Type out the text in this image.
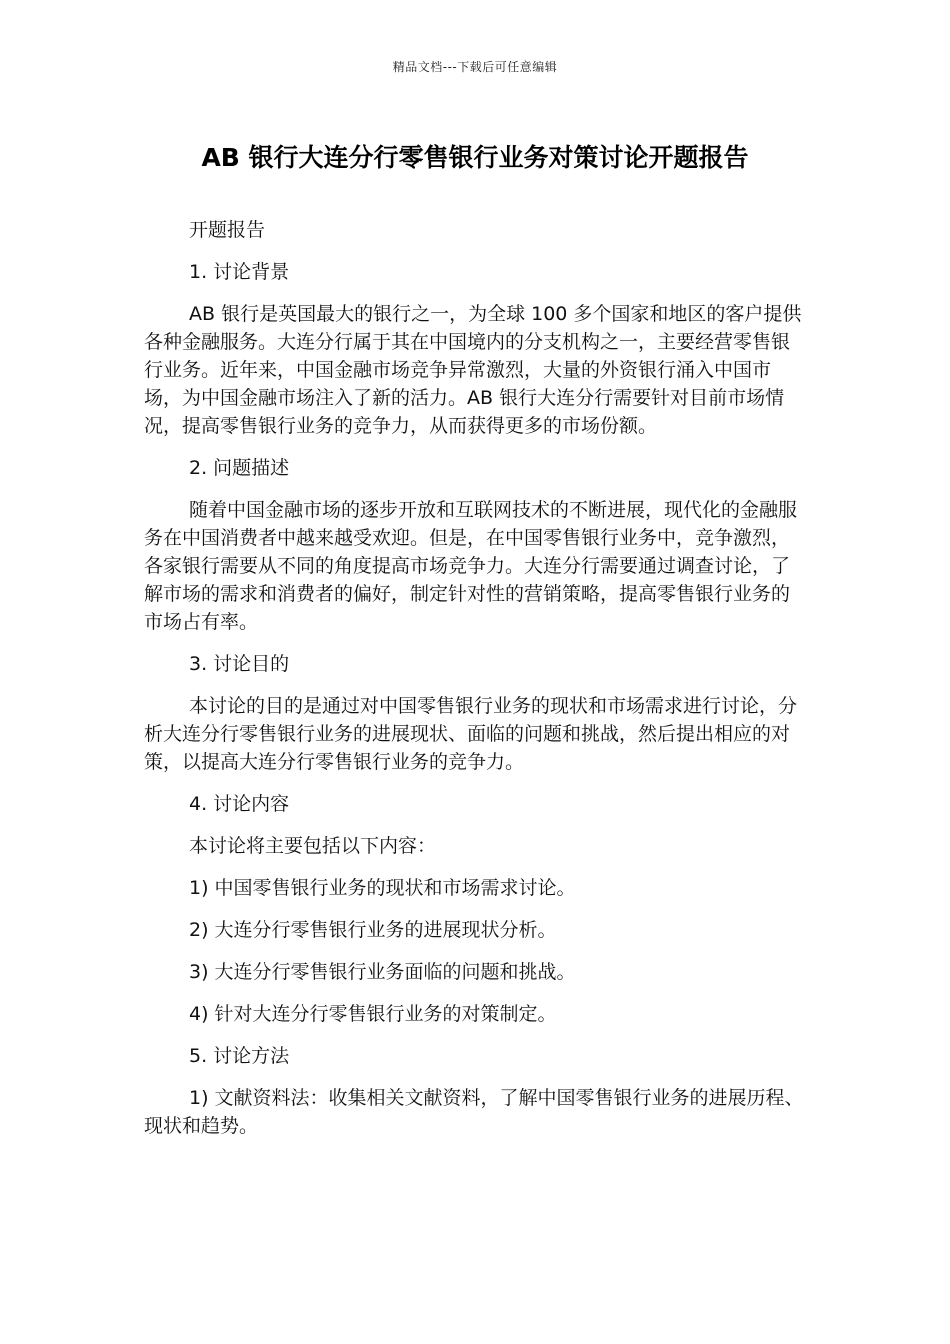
精品文档---下载后可任意编辑
AB 银行大连分行零售银行业务对策讨论开题报告

开题报告

1. 讨论背景

AB 银行是英国最大的银行之一，为全球 100 多个国家和地区的客户提供各种金融服务。大连分行属于其在中国境内的分支机构之一，主要经营零售银行业务。近年来，中国金融市场竞争异常激烈，大量的外资银行涌入中国市场，为中国金融市场注入了新的活力。AB 银行大连分行需要针对目前市场情况，提高零售银行业务的竞争力，从而获得更多的市场份额。

2. 问题描述

随着中国金融市场的逐步开放和互联网技术的不断进展，现代化的金融服务在中国消费者中越来越受欢迎。但是，在中国零售银行业务中，竞争激烈，各家银行需要从不同的角度提高市场竞争力。大连分行需要通过调查讨论，了解市场的需求和消费者的偏好，制定针对性的营销策略，提高零售银行业务的市场占有率。

3. 讨论目的

本讨论的目的是通过对中国零售银行业务的现状和市场需求进行讨论，分析大连分行零售银行业务的进展现状、面临的问题和挑战，然后提出相应的对策，以提高大连分行零售银行业务的竞争力。

4. 讨论内容

本讨论将主要包括以下内容：

1) 中国零售银行业务的现状和市场需求讨论。

2) 大连分行零售银行业务的进展现状分析。

3) 大连分行零售银行业务面临的问题和挑战。

4) 针对大连分行零售银行业务的对策制定。

5. 讨论方法

1) 文献资料法：收集相关文献资料，了解中国零售银行业务的进展历程、现状和趋势。
